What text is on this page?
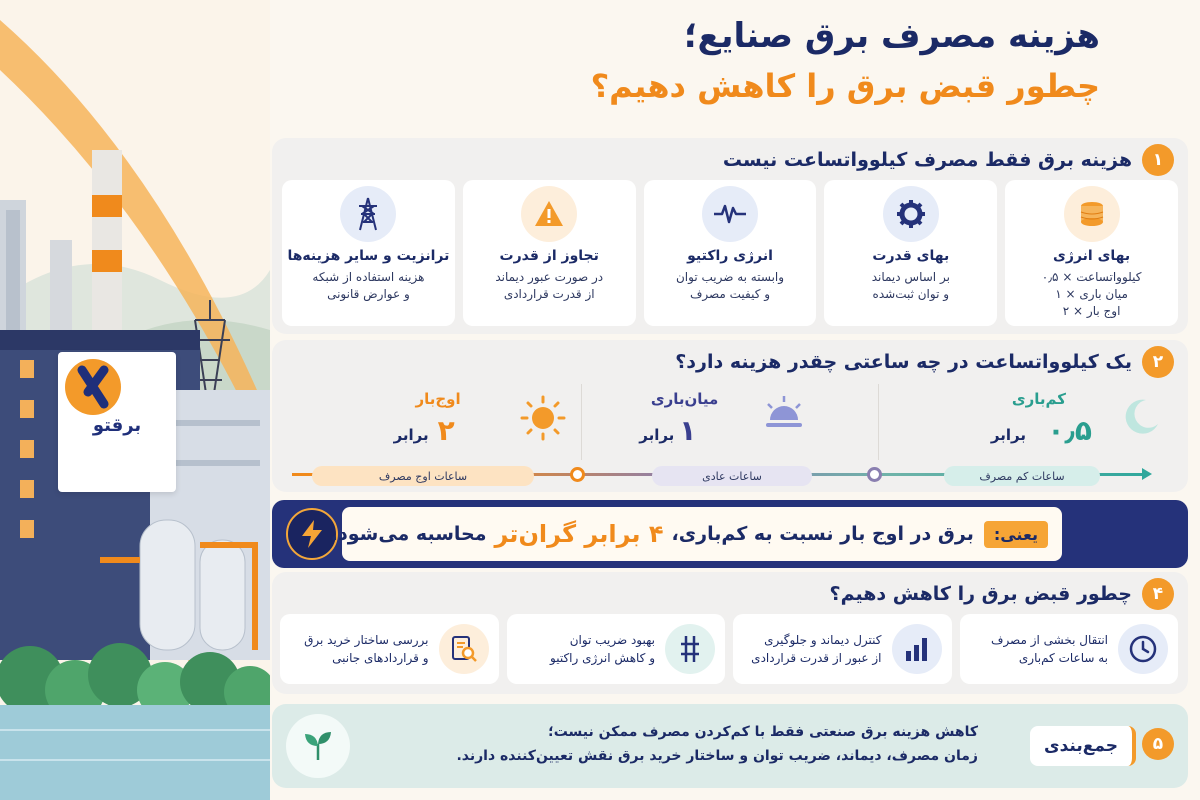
برقتو
هزینه مصرف برق صنایع؛
چطور قبض برق را کاهش دهیم؟
۱
هزینه برق فقط مصرف کیلوواتساعت نیست
بهای انرژی
کیلوواتساعت × ۰٫۵
میان باری × ۱
اوج بار × ۲
بهای قدرت
بر اساس دیماند
و توان ثبت‌شده
انرژی راکتیو
وابسته به ضریب توان
و کیفیت مصرف
تجاوز از قدرت
در صورت عبور دیماند
از قدرت قراردادی
ترانزیت و سایر هزینه‌ها
هزینه استفاده از شبکه
و عوارض قانونی
۲
یک کیلوواتساعت در چه ساعتی چقدر هزینه دارد؟
کم‌باری
۰٫۵
برابر
میان‌باری
۱
برابر
اوج‌بار
۲
برابر
ساعات اوج مصرف	ساعات عادی	ساعات کم مصرف
یعنی:
برق در اوج بار نسبت به کم‌باری،
۴ برابر گران‌تر
محاسبه می‌شود.
۴
چطور قبض برق را کاهش دهیم؟
انتقال بخشی از مصرف
به ساعات کم‌باری
کنترل دیماند و جلوگیری
از عبور از قدرت قراردادی
بهبود ضریب توان
و کاهش انرژی راکتیو
بررسی ساختار خرید برق
و قراردادهای جانبی
۵
جمع‌بندی
کاهش هزینه برق صنعتی فقط با کم‌کردن مصرف ممکن نیست؛
زمان مصرف، دیماند، ضریب توان و ساختار خرید برق نقش تعیین‌کننده دارند.
